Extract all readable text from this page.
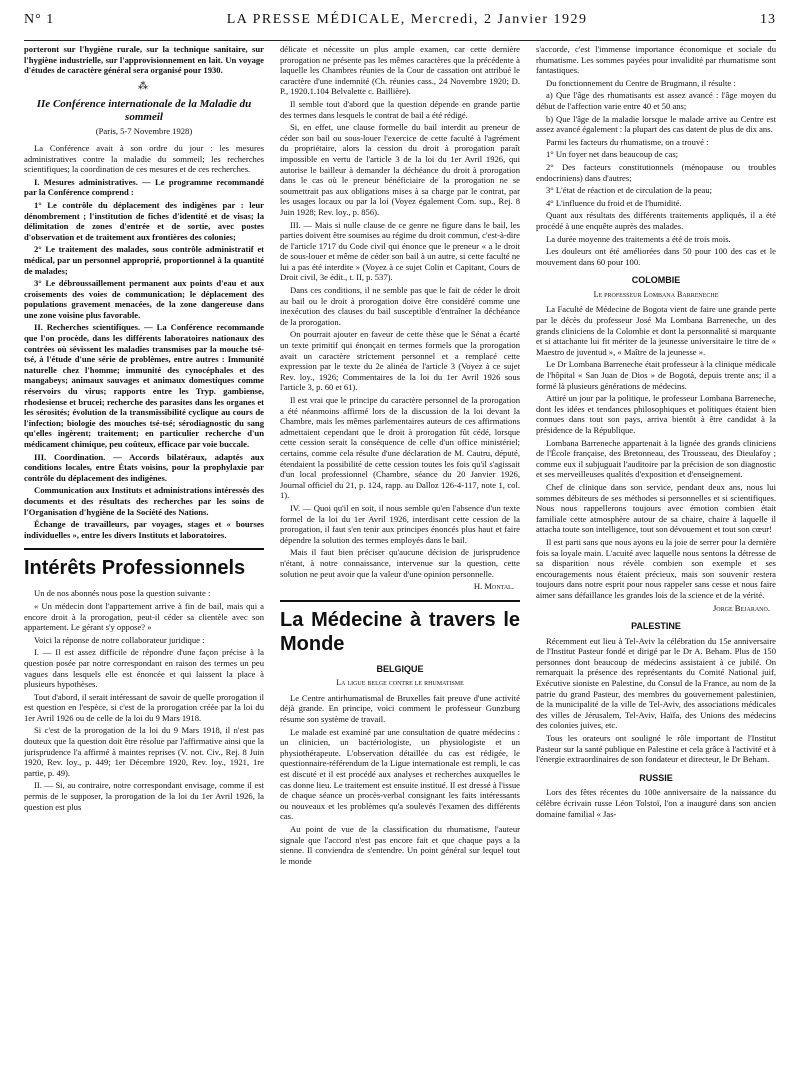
N° 1	LA PRESSE MÉDICALE, Mercredi, 2 Janvier 1929	13

porteront sur l'hygiène rurale, sur la technique sanitaire, sur l'hygiène industrielle, sur l'approvisionnement en lait. Un voyage d'études de caractère général sera organisé pour 1930.

⁂
IIe Conférence internationale de la Maladie du sommeil
(Paris, 5-7 Novembre 1928)

La Conférence avait à son ordre du jour : les mesures administratives contre la maladie du sommeil; les recherches scientifiques; la coordination de ces mesures et de ces recherches.

I. Mesures administratives. — Le programme recommandé par la Conférence comprend :

1° Le contrôle du déplacement des indigènes par : leur dénombrement ; l'institution de fiches d'identité et de visas; la délimitation de zones d'entrée et de sortie, avec postes d'observation et de traitement aux frontières des colonies;

2° Le traitement des malades, sous contrôle administratif et médical, par un personnel approprié, proportionnel à la quantité de malades;

3° Le débroussaillement permanent aux points d'eau et aux croisements des voies de communication; le déplacement des populations gravement menacées, de la zone dangereuse dans une zone voisine plus favorable.

II. Recherches scientifiques. — La Conférence recommande que l'on procède, dans les différents laboratoires nationaux des contrées où sévissent les maladies transmises par la mouche tsé-tsé, à l'étude d'une série de problèmes, entre autres : Immunité naturelle chez l'homme; immunité des cynocéphales et des mangabeys; animaux sauvages et animaux domestiques comme réservoirs du virus; rapports entre les Tryp. gambiense, rhodesiense et brucei; recherche des parasites dans les organes et les sérosités; évolution de la transmissibilité cyclique au cours de l'infection; biologie des mouches tsé-tsé; sérodiagnostic du sang qu'elles ingèrent; traitement; en particulier recherche d'un médicament chimique, peu coûteux, efficace par voie buccale.

III. Coordination. — Accords bilatéraux, adaptés aux conditions locales, entre États voisins, pour la prophylaxie par contrôle du déplacement des indigènes.

Communication aux Instituts et administrations intéressés des documents et des résultats des recherches par les soins de l'Organisation d'hygiène de la Société des Nations.

Échange de travailleurs, par voyages, stages et « bourses individuelles », entre les divers Instituts et laboratoires.

Intérêts Professionnels

Un de nos abonnés nous pose la question suivante :

« Un médecin dont l'appartement arrive à fin de bail, mais qui a encore droit à la prorogation, peut-il céder sa clientèle avec son appartement. Le gérant s'y oppose? »

Voici la réponse de notre collaborateur juridique :

I. — Il est assez difficile de répondre d'une façon précise à la question posée par notre correspondant en raison des termes un peu vagues dans lesquels elle est énoncée et qui laissent la place à plusieurs hypothèses.

Tout d'abord, il serait intéressant de savoir de quelle prorogation il est question en l'espèce, si c'est de la prorogation créée par la loi du 1er Avril 1926 ou de celle de la loi du 9 Mars 1918.

Si c'est de la prorogation de la loi du 9 Mars 1918, il n'est pas douteux que la question doit être résolue par l'affirmative ainsi que la jurisprudence l'a affirmé à maintes reprises (V. not. Civ., Rej. 8 Juin 1920, Rev. loy., p. 449; 1er Décembre 1920, Rev. loy., 1921, 1re partie, p. 49).

II. — Si, au contraire, notre correspondant envisage, comme il est permis de le supposer, la prorogation de la loi du 1er Avril 1926, la question est plus

délicate et nécessite un plus ample examen, car cette dernière prorogation ne présente pas les mêmes caractères que la précédente à laquelle les Chambres réunies de la Cour de cassation ont attribué le caractère d'une indemnité (Ch. réunies cass., 24 Novembre 1920; D. P., 1920.1.104 Belvalette c. Baillière).

Il semble tout d'abord que la question dépende en grande partie des termes dans lesquels le contrat de bail a été rédigé.

Si, en effet, une clause formelle du bail interdit au preneur de céder son bail ou sous-louer l'exercice de cette faculté à l'agrément du propriétaire, alors la cession du droit à prorogation paraît impossible en vertu de l'article 3 de la loi du 1er Avril 1926, qui autorise le bailleur à demander la déchéance du droit à prorogation dans le cas où le preneur bénéficiaire de la prorogation ne se soumettrait pas aux obligations mises à sa charge par le contrat, par les usages locaux ou par la loi (Voyez également Com. sup., Rej. 8 Juin 1928; Rev. loy., p. 856).

III. — Mais si nulle clause de ce genre ne figure dans le bail, les parties doivent être soumises au régime du droit commun, c'est-à-dire de l'article 1717 du Code civil qui énonce que le preneur « a le droit de sous-louer et même de céder son bail à un autre, si cette faculté ne lui a pas été interdite » (Voyez à ce sujet Colin et Capitant, Cours de Droit civil, 3e édit., t. II, p. 537).

Dans ces conditions, il ne semble pas que le fait de céder le droit au bail ou le droit à prorogation doive être considéré comme une inexécution des clauses du bail susceptible d'entraîner la déchéance de la prorogation.

On pourrait ajouter en faveur de cette thèse que le Sénat a écarté un texte primitif qui énonçait en termes formels que la prorogation avait un caractère strictement personnel et a remplacé cette expression par le texte du 2e alinéa de l'article 3 (Voyez à ce sujet Rev. loy., 1926; Commentaires de la loi du 1er Avril 1926 sous l'article 3, p. 60 et 61).

Il est vrai que le principe du caractère personnel de la prorogation a été néanmoins affirmé lors de la discussion de la loi devant la Chambre, mais les mêmes parlementaires auteurs de ces affirmations admettaient cependant que le droit à prorogation fût cédé, lorsque cette cession serait la conséquence de celle d'un office ministériel; certains, comme cela résulte d'une déclaration de M. Cautru, député, étendaient la possibilité de cette cession toutes les fois qu'il s'agissait d'un local professionnel (Chambre, séance du 20 Janvier 1926, Journal officiel du 21, p. 124, rapp. au Dalloz 126-4-117, note 1, col. 1).

IV. — Quoi qu'il en soit, il nous semble qu'en l'absence d'un texte formel de la loi du 1er Avril 1926, interdisant cette cession de la prorogation, il faut s'en tenir aux principes énoncés plus haut et faire dépendre la solution des termes employés dans le bail.

Mais il faut bien préciser qu'aucune décision de jurisprudence n'étant, à notre connaissance, intervenue sur la question, cette solution ne peut avoir que la valeur d'une opinion personnelle.

H. Montal.
La Médecine à travers le Monde
BELGIQUE
La ligue belge contre le rhumatisme

Le Centre antirhumatismal de Bruxelles fait preuve d'une activité déjà grande. En principe, voici comment le professeur Gunzburg résume son système de travail.

Le malade est examiné par une consultation de quatre médecins : un clinicien, un bactériologiste, un physiologiste et un physiothérapeute. L'observation détaillée du cas est rédigée, le questionnaire-référendum de la Ligue internationale est rempli, le cas est discuté et il est procédé aux analyses et recherches auxquelles le cas donne lieu. Le traitement est ensuite institué. Il est dressé à l'issue de chaque séance un procès-verbal consignant les faits intéressants ou nouveaux et les problèmes qu'a soulevés l'examen des différents cas.

Au point de vue de la classification du rhumatisme, l'auteur signale que l'accord n'est pas encore fait et que chaque pays a la sienne. Il conviendra de s'entendre. Un point général sur lequel tout le monde

s'accorde, c'est l'immense importance économique et sociale du rhumatisme. Les sommes payées pour invalidité par rhumatisme sont fantastiques.

Du fonctionnement du Centre de Brugmann, il résulte :

a) Que l'âge des rhumatisants est assez avancé : l'âge moyen du début de l'affection varie entre 40 et 50 ans;

b) Que l'âge de la maladie lorsque le malade arrive au Centre est assez avancé également : la plupart des cas datent de plus de dix ans.

Parmi les facteurs du rhumatisme, on a trouvé :

1° Un foyer net dans beaucoup de cas;

2° Des facteurs constitutionnels (ménopause ou troubles endocriniens) dans d'autres;

3° L'état de réaction et de circulation de la peau;

4° L'influence du froid et de l'humidité.

Quant aux résultats des différents traitements appliqués, il a été procédé à une enquête auprès des malades.

La durée moyenne des traitements a été de trois mois.

Les douleurs ont été améliorées dans 50 pour 100 des cas et le mouvement dans 60 pour 100.

COLOMBIE
Le professeur Lombana Barreneche

La Faculté de Médecine de Bogota vient de faire une grande perte par le décès du professeur José Ma Lombana Barreneche, un des grands cliniciens de la Colombie et dont la personnalité si marquante et si attachante lui fit mériter de la jeunesse universitaire le titre de « Maestro de juventud », « Maître de la jeunesse ».

Le Dr Lombana Barreneche était professeur à la clinique médicale de l'hôpital « San Juan de Dios » de Bogotá, depuis trente ans; il a formé là plusieurs générations de médecins.

Attiré un jour par la politique, le professeur Lombana Barreneche, dont les idées et tendances philosophiques et politiques étaient bien connues dans tout son pays, arriva bientôt à être candidat à la présidence de la République.

Lombana Barreneche appartenait à la lignée des grands cliniciens de l'École française, des Bretonneau, des Trousseau, des Dieulafoy ; comme eux il subjuguait l'auditoire par la précision de son diagnostic et ses merveilleuses qualités d'exposition et d'enseignement.

Chef de clinique dans son service, pendant deux ans, nous lui sommes débiteurs de ses méthodes si personnelles et si scientifiques. Nous nous rappellerons toujours avec émotion combien était familiale cette atmosphère autour de sa chaire, chaire à laquelle il attacha toute son intelligence, tout son dévouement et tout son cœur!

Il est parti sans que nous ayons eu la joie de serrer pour la dernière fois sa loyale main. L'acuité avec laquelle nous sentons la détresse de sa disparition nous révèle combien son exemple et ses encouragements nous étaient précieux, mais son souvenir restera toujours dans notre esprit pour nous rappeler sans cesse et nous faire aimer sans défaillance les grandes lois de la science et de la vérité.

Jorge Bejarano.
PALESTINE

Récemment eut lieu à Tel-Aviv la célébration du 15e anniversaire de l'Institut Pasteur fondé et dirigé par le Dr A. Beham. Plus de 150 personnes dont beaucoup de médecins assistaient à ce jubilé. On remarquait la présence des représentants du Comité National juif, Exécutive sioniste en Palestine, du Consul de la France, au nom de la patrie du grand Pasteur, des membres du gouvernement palestinien, de la municipalité de la ville de Tel-Aviv, des associations médicales des villes de Jérusalem, Tel-Aviv, Haïfa, des Unions des médecins des colonies juives, etc.

Tous les orateurs ont souligné le rôle important de l'Institut Pasteur sur la santé publique en Palestine et cela grâce à l'activité et à l'énergie extraordinaires de son fondateur et directeur, le Dr Beham.

RUSSIE

Lors des fêtes récentes du 100e anniversaire de la naissance du célèbre écrivain russe Léon Tolstoï, l'on a inauguré dans son ancien domaine familial « Jas-
